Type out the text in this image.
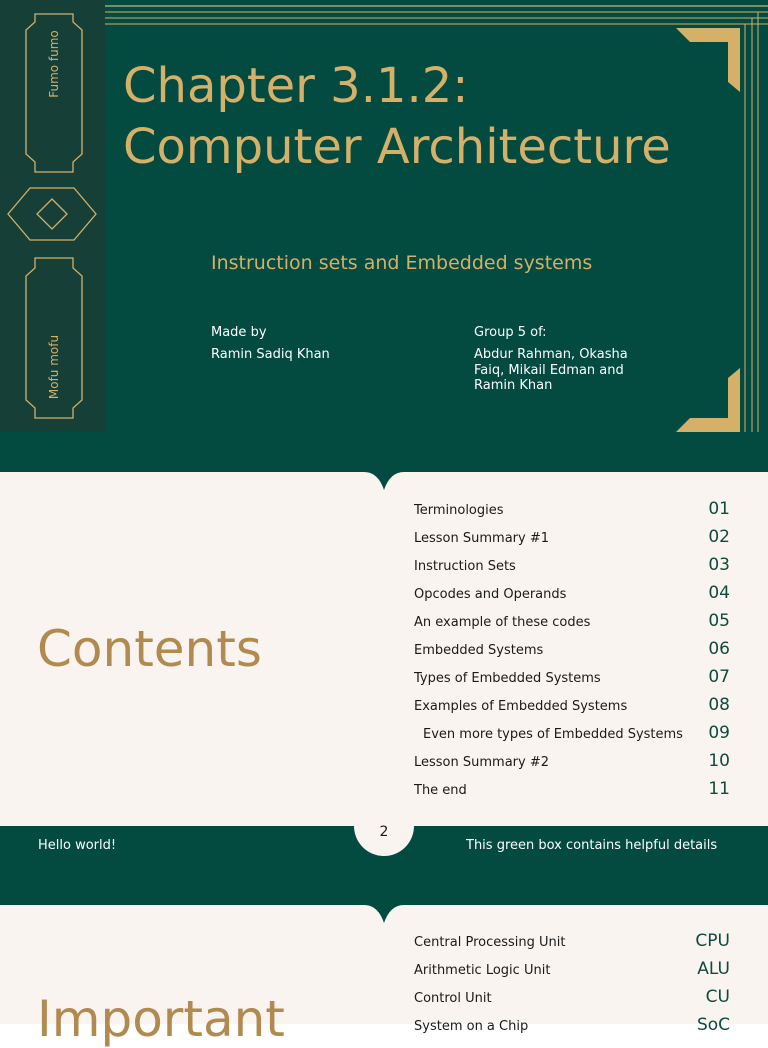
Fumo fumo
Mofu mofu
Chapter 3.1.2: Computer Architecture
Instruction sets and Embedded systems
Made by
Ramin Sadiq Khan
Group 5 of:
Abdur Rahman, Okasha Faiq, Mikail Edman and Ramin Khan
Contents
Terminologies	01
Lesson Summary #1	02
Instruction Sets	03
Opcodes and Operands	04
An example of these codes	05
Embedded Systems	06
Types of Embedded Systems	07
Examples of Embedded Systems	08
Even more types of Embedded Systems 09
Lesson Summary #2	10
The end	11
2
Hello world!	This green box contains helpful details
Important
Central Processing Unit	CPU
Arithmetic Logic Unit	ALU
Control Unit	CU
System on a Chip	SoC
